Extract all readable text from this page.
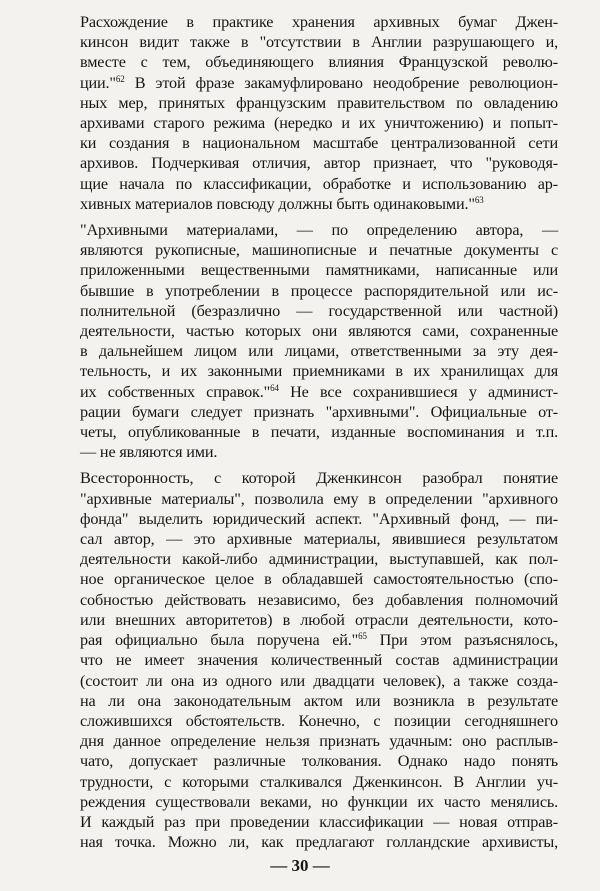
Расхождение в практике хранения архивных бумаг Джен-
кинсон видит также в "отсутствии в Англии разрушающего и,
вместе с тем, объединяющего влияния Французской револю-
ции."$^{62}$ В этой фразе закамуфлировано неодобрение революцион-
ных мер, принятых французским правительством по овладению
архивами старого режима (нередко и их уничтожению) и попыт-
ки создания в национальном масштабе централизованной сети
архивов. Подчеркивая отличия, автор признает, что "руководя-
щие начала по классификации, обработке и использованию ар-
хивных материалов повсюду должны быть одинаковыми."$^{63}$
"Архивными материалами, — по определению автора, —
являются рукописные, машинописные и печатные документы с
приложенными вещественными памятниками, написанные или
бывшие в употреблении в процессе распорядительной или ис-
полнительной (безразлично — государственной или частной)
деятельности, частью которых они являются сами, сохраненные
в дальнейшем лицом или лицами, ответственными за эту дея-
тельность, и их законными приемниками в их хранилищах для
их собственных справок."$^{64}$ Не все сохранившиеся у админист-
рации бумаги следует признать "архивными". Официальные от-
четы, опубликованные в печати, изданные воспоминания и т.п.
— не являются ими.
Всесторонность, с которой Дженкинсон разобрал понятие
"архивные материалы", позволила ему в определении "архивного
фонда" выделить юридический аспект. "Архивный фонд, — пи-
сал автор, — это архивные материалы, явившиеся результатом
деятельности какой-либо администрации, выступавшей, как пол-
ное органическое целое в обладавшей самостоятельностью (спо-
собностью действовать независимо, без добавления полномочий
или внешних авторитетов) в любой отрасли деятельности, кото-
рая официально была поручена ей."$^{65}$ При этом разъяснялось,
что не имеет значения количественный состав администрации
(состоит ли она из одного или двадцати человек), а также созда-
на ли она законодательным актом или возникла в результате
сложившихся обстоятельств. Конечно, с позиции сегодняшнего
дня данное определение нельзя признать удачным: оно расплыв-
чато, допускает различные толкования. Однако надо понять
трудности, с которыми сталкивался Дженкинсон. В Англии уч-
реждения существовали веками, но функции их часто менялись.
И каждый раз при проведении классификации — новая отправ-
ная точка. Можно ли, как предлагают голландские архивисты,
— 30 —
